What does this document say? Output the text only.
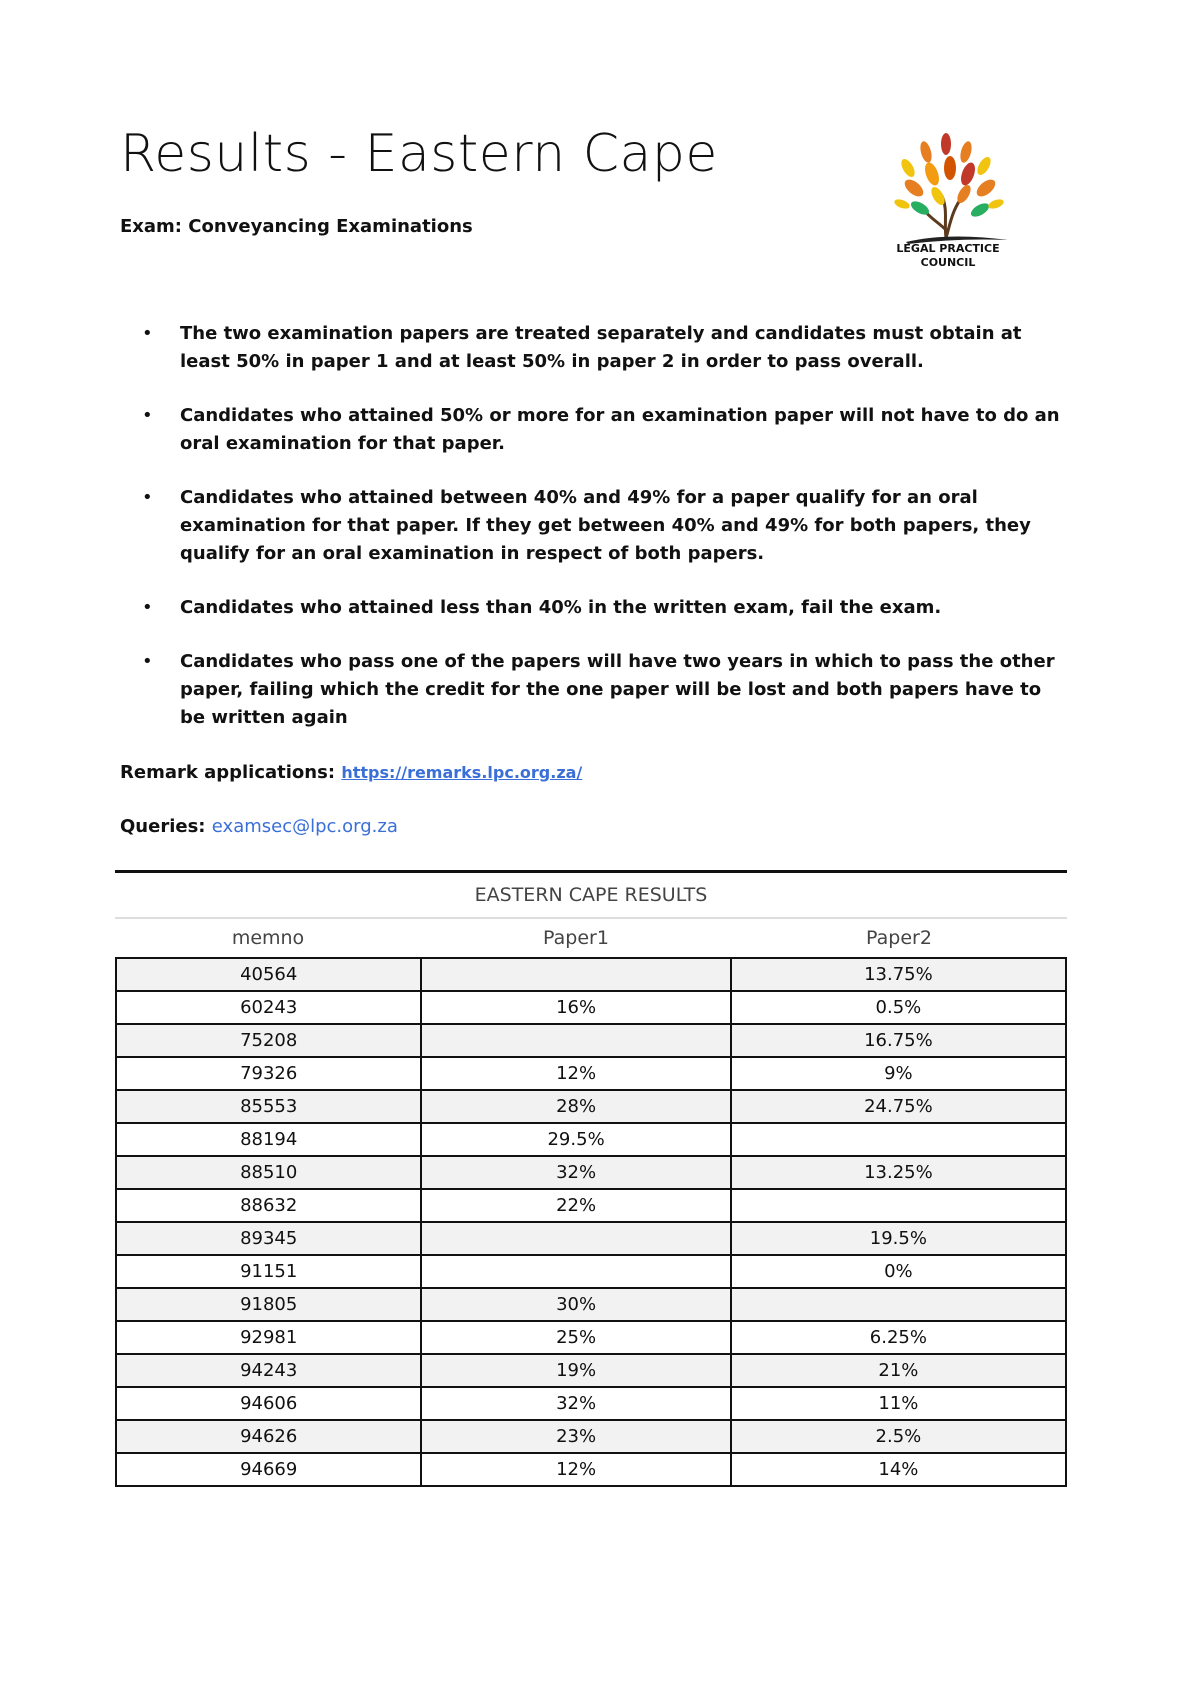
Results - Eastern Cape
Exam: Conveyancing Examinations
LEGAL PRACTICE
COUNCIL
• The two examination papers are treated separately and candidates must obtain at least 50% in paper 1 and at least 50% in paper 2 in order to pass overall.
• Candidates who attained 50% or more for an examination paper will not have to do an oral examination for that paper.
• Candidates who attained between 40% and 49% for a paper qualify for an oral examination for that paper. If they get between 40% and 49% for both papers, they qualify for an oral examination in respect of both papers.
• Candidates who attained less than 40% in the written exam, fail the exam.
• Candidates who pass one of the papers will have two years in which to pass the other paper, failing which the credit for the one paper will be lost and both papers have to be written again
Remark applications: https://remarks.lpc.org.za/
Queries: examsec@lpc.org.za
EASTERN CAPE RESULTS
memno	Paper1	Paper2
40564		13.75%
60243	16%	0.5%
75208		16.75%
79326	12%	9%
85553	28%	24.75%
88194	29.5%	
88510	32%	13.25%
88632	22%	
89345		19.5%
91151		0%
91805	30%	
92981	25%	6.25%
94243	19%	21%
94606	32%	11%
94626	23%	2.5%
94669	12%	14%
